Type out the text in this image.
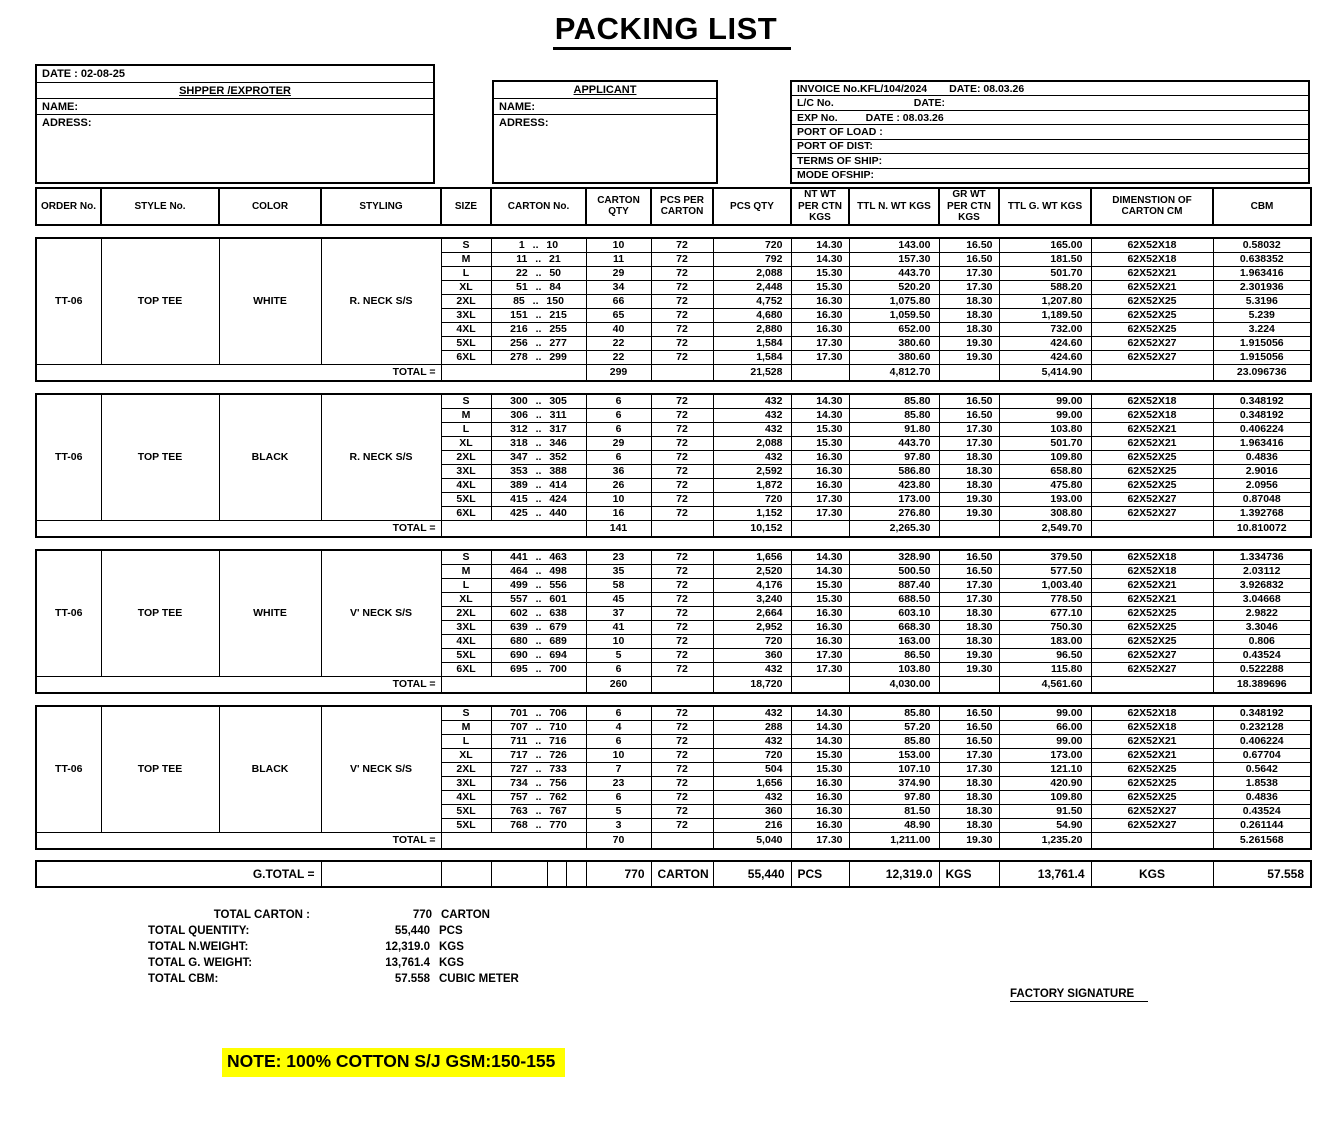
PACKING LIST
DATE : 02-08-25
SHPPER /EXPROTER
NAME:
ADRESS:
APPLICANT
NAME:
ADRESS:
INVOICE No.KFL/104/2024 DATE: 08.03.26
L/C No.	DATE:
EXP No.	DATE : 08.03.26
PORT OF LOAD :
PORT OF DIST:
TERMS OF SHIP:
MODE OFSHIP:
ORDER No.	STYLE No.	COLOR	STYLING	SIZE	CARTON No.	CARTON QTY	PCS PER CARTON	PCS QTY	NT WT PER CTN KGS	TTL N. WT KGS	GR WT PER CTN KGS	TTL G. WT KGS	DIMENSTION OF CARTON CM	CBM
TT-06	TOP TEE	WHITE	R. NECK S/S	S	1 .. 10	10	72	720	14.30	143.00	16.50	165.00	62X52X18	0.58032
				M	11 .. 21	11	72	792	14.30	157.30	16.50	181.50	62X52X18	0.638352
				L	22 .. 50	29	72	2,088	15.30	443.70	17.30	501.70	62X52X21	1.963416
				XL	51 .. 84	34	72	2,448	15.30	520.20	17.30	588.20	62X52X21	2.301936
				2XL	85 .. 150	66	72	4,752	16.30	1,075.80	18.30	1,207.80	62X52X25	5.3196
				3XL	151 .. 215	65	72	4,680	16.30	1,059.50	18.30	1,189.50	62X52X25	5.239
				4XL	216 .. 255	40	72	2,880	16.30	652.00	18.30	732.00	62X52X25	3.224
				5XL	256 .. 277	22	72	1,584	17.30	380.60	19.30	424.60	62X52X27	1.915056
				6XL	278 .. 299	22	72	1,584	17.30	380.60	19.30	424.60	62X52X27	1.915056
TOTAL =						299		21,528		4,812.70		5,414.90		23.096736
TT-06	TOP TEE	BLACK	R. NECK S/S	S	300 .. 305	6	72	432	14.30	85.80	16.50	99.00	62X52X18	0.348192
				M	306 .. 311	6	72	432	14.30	85.80	16.50	99.00	62X52X18	0.348192
				L	312 .. 317	6	72	432	15.30	91.80	17.30	103.80	62X52X21	0.406224
				XL	318 .. 346	29	72	2,088	15.30	443.70	17.30	501.70	62X52X21	1.963416
				2XL	347 .. 352	6	72	432	16.30	97.80	18.30	109.80	62X52X25	0.4836
				3XL	353 .. 388	36	72	2,592	16.30	586.80	18.30	658.80	62X52X25	2.9016
				4XL	389 .. 414	26	72	1,872	16.30	423.80	18.30	475.80	62X52X25	2.0956
				5XL	415 .. 424	10	72	720	17.30	173.00	19.30	193.00	62X52X27	0.87048
				6XL	425 .. 440	16	72	1,152	17.30	276.80	19.30	308.80	62X52X27	1.392768
TOTAL =						141		10,152		2,265.30		2,549.70		10.810072
TT-06	TOP TEE	WHITE	V' NECK S/S	S	441 .. 463	23	72	1,656	14.30	328.90	16.50	379.50	62X52X18	1.334736
				M	464 .. 498	35	72	2,520	14.30	500.50	16.50	577.50	62X52X18	2.03112
				L	499 .. 556	58	72	4,176	15.30	887.40	17.30	1,003.40	62X52X21	3.926832
				XL	557 .. 601	45	72	3,240	15.30	688.50	17.30	778.50	62X52X21	3.04668
				2XL	602 .. 638	37	72	2,664	16.30	603.10	18.30	677.10	62X52X25	2.9822
				3XL	639 .. 679	41	72	2,952	16.30	668.30	18.30	750.30	62X52X25	3.3046
				4XL	680 .. 689	10	72	720	16.30	163.00	18.30	183.00	62X52X25	0.806
				5XL	690 .. 694	5	72	360	17.30	86.50	19.30	96.50	62X52X27	0.43524
				6XL	695 .. 700	6	72	432	17.30	103.80	19.30	115.80	62X52X27	0.522288
TOTAL =						260		18,720		4,030.00		4,561.60		18.389696
TT-06	TOP TEE	BLACK	V' NECK S/S	S	701 .. 706	6	72	432	14.30	85.80	16.50	99.00	62X52X18	0.348192
				M	707 .. 710	4	72	288	14.30	57.20	16.50	66.00	62X52X18	0.232128
				L	711 .. 716	6	72	432	14.30	85.80	16.50	99.00	62X52X21	0.406224
				XL	717 .. 726	10	72	720	15.30	153.00	17.30	173.00	62X52X21	0.67704
				2XL	727 .. 733	7	72	504	15.30	107.10	17.30	121.10	62X52X25	0.5642
				3XL	734 .. 756	23	72	1,656	16.30	374.90	18.30	420.90	62X52X25	1.8538
				4XL	757 .. 762	6	72	432	16.30	97.80	18.30	109.80	62X52X25	0.4836
				5XL	763 .. 767	5	72	360	16.30	81.50	18.30	91.50	62X52X27	0.43524
				5XL	768 .. 770	3	72	216	16.30	48.90	18.30	54.90	62X52X27	0.261144
TOTAL =						70		5,040	17.30	1,211.00	19.30	1,235.20		5.261568
G.TOTAL =						770	CARTON	55,440	PCS	12,319.0	KGS	13,761.4	KGS	57.558
TOTAL CARTON :	770 CARTON
TOTAL QUENTITY:	55,440 PCS
TOTAL N.WEIGHT:	12,319.0 KGS
TOTAL G. WEIGHT:	13,761.4 KGS
TOTAL CBM:	57.558 CUBIC METER
FACTORY SIGNATURE
NOTE: 100% COTTON S/J GSM:150-155
